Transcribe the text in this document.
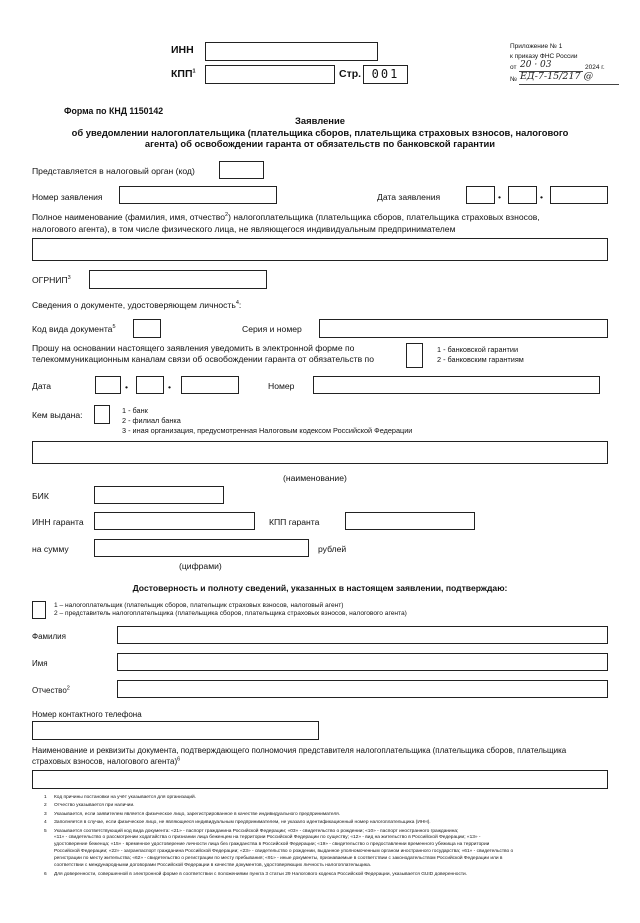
ИНН
КПП$^1$	Стр. 001
Приложение № 1
к приказу ФНС России
от 20 · 03	2024 г.
№ ЕД-7-15/217 @
Форма по КНД 1150142
Заявление
об уведомлении налогоплательщика (плательщика сборов, плательщика страховых взносов, налогового
агента) об освобождении гаранта от обязательств по банковской гарантии
Представляется в налоговый орган (код)
Номер заявления	Дата заявления	•	•
Полное наименование (фамилия, имя, отчество$^2$) налогоплательщика (плательщика сборов, плательщика страховых взносов,
налогового агента), в том числе физического лица, не являющегося индивидуальным предпринимателем
ОГРНИП$^3$
Сведения о документе, удостоверяющем личность$^4$:
Код вида документа$^5$	Серия и номер
Прошу на основании настоящего заявления уведомить в электронной форме по
телекоммуникационным каналам связи об освобождении гаранта от обязательств по
1 - банковской гарантии
2 - банковским гарантиям
Дата	•	•	Номер
Кем выдана:	1 - банк
2 - филиал банка
3 - иная организация, предусмотренная Налоговым кодексом Российской Федерации
(наименование)
БИК
ИНН гаранта	КПП гаранта
на сумму	рублей
(цифрами)
Достоверность и полноту сведений, указанных в настоящем заявлении, подтверждаю:
1 – налогоплательщик (плательщик сборов, плательщик страховых взносов, налоговый агент)
2 – представитель налогоплательщика (плательщика сборов, плательщика страховых взносов, налогового агента)
Фамилия
Имя
Отчество$^2$
Номер контактного телефона
Наименование и реквизиты документа, подтверждающего полномочия представителя налогоплательщика (плательщика сборов, плательщика
страховых взносов, налогового агента)$^6$
1 Код причины постановки на учёт указывается для организаций.
2 Отчество указывается при наличии.
3 Указывается, если заявителем является физическое лицо, зарегистрированное в качестве индивидуального предпринимателя.
4 Заполняется в случае, если физическое лицо, не являющееся индивидуальным предпринимателем, не указало идентификационный номер налогоплательщика (ИНН).
5 Указывается соответствующий код вида документа: «21» - паспорт гражданина Российской Федерации; «03» - свидетельство о рождении; «10» - паспорт иностранного гражданина;
«11» - свидетельство о рассмотрении ходатайства о признании лица беженцем на территории Российской Федерации по существу; «12» - вид на жительство в Российской Федерации; «13» -
удостоверение беженца; «15» - временное удостоверение личности лица без гражданства в Российской Федерации; «19» - свидетельство о предоставлении временного убежища на территории
Российской Федерации; «22» - загранпаспорт гражданина Российской Федерации; «23» - свидетельство о рождении, выданное уполномоченным органом иностранного государства; «61» - свидетельство о
регистрации по месту жительства; «62» - свидетельство о регистрации по месту пребывания; «91» - иные документы, признаваемые в соответствии с законодательством Российской Федерации или в
соответствии с международными договорами Российской Федерации в качестве документов, удостоверяющих личность налогоплательщика.
6 Для доверенности, совершенной в электронной форме в соответствии с положениями пункта 3 статьи 29 Налогового кодекса Российской Федерации, указывается GUID доверенности.
